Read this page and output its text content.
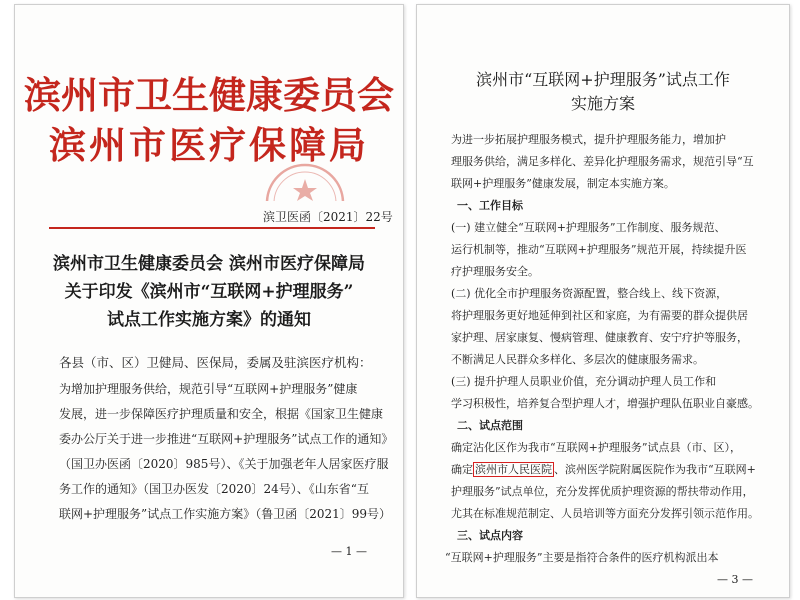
滨州市卫生健康委员会
滨州市医疗保障局
滨卫医函〔2021〕22号
滨州市卫生健康委员会 滨州市医疗保障局
关于印发《滨州市“互联网+护理服务”
试点工作实施方案》的通知
各县（市、区）卫健局、医保局，委属及驻滨医疗机构：
为增加护理服务供给，规范引导“互联网+护理服务”健康
发展，进一步保障医疗护理质量和安全，根据《国家卫生健康
委办公厅关于进一步推进“互联网+护理服务”试点工作的通知》
（国卫办医函〔2020〕985号）、《关于加强老年人居家医疗服
务工作的通知》（国卫办医发〔2020〕24号）、《山东省“互
联网+护理服务”试点工作实施方案》（鲁卫函〔2021〕99号）
— 1 —
滨州市“互联网+护理服务”试点工作
实施方案
为进一步拓展护理服务模式，提升护理服务能力，增加护
理服务供给，满足多样化、差异化护理服务需求，规范引导“互
联网+护理服务”健康发展，制定本实施方案。
一、工作目标
(一) 建立健全“互联网+护理服务”工作制度、服务规范、
运行机制等，推动“互联网+护理服务”规范开展，持续提升医
疗护理服务安全。
(二) 优化全市护理服务资源配置，整合线上、线下资源，
将护理服务更好地延伸到社区和家庭，为有需要的群众提供居
家护理、居家康复、慢病管理、健康教育、安宁疗护等服务，
不断满足人民群众多样化、多层次的健康服务需求。
(三) 提升护理人员职业价值，充分调动护理人员工作和
学习积极性，培养复合型护理人才，增强护理队伍职业自豪感。
二、试点范围
确定沾化区作为我市“互联网+护理服务”试点县（市、区），
确定 滨州市人民医院 、滨州医学院附属医院作为我市“互联网+
护理服务”试点单位，充分发挥优质护理资源的帮扶带动作用，
尤其在标准规范制定、人员培训等方面充分发挥引领示范作用。
三、试点内容
“互联网+护理服务”主要是指符合条件的医疗机构派出本
— 3 —
